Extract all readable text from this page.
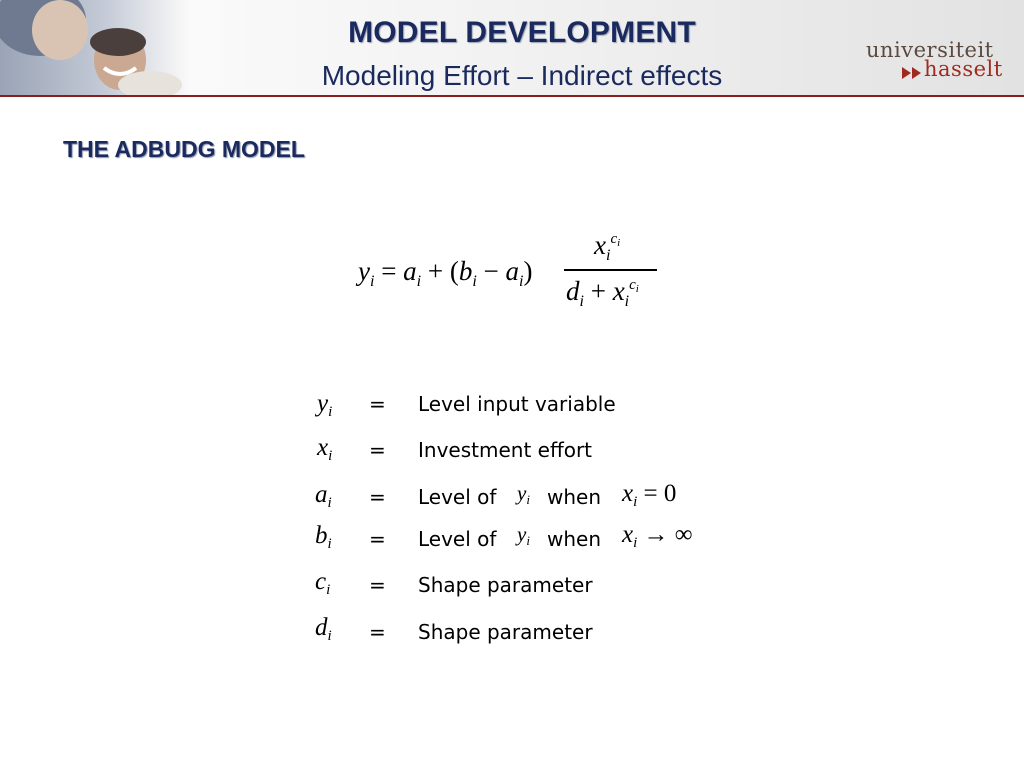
MODEL DEVELOPMENT
Modeling Effort – Indirect effects
universiteit
hasselt
THE ADBUDG MODEL
$y_i = a_i + (b_i - a_i)$
$x_i^{ci}$
$d_i + x_i^{ci}$
$y_i$ = Level input variable
$x_i$ = Investment effort
$a_i$ = Level of yi when $x_i = 0$
$b_i$ = Level of yi when $x_i$ → ∞
$c_i$ = Shape parameter
$d_i$ = Shape parameter
